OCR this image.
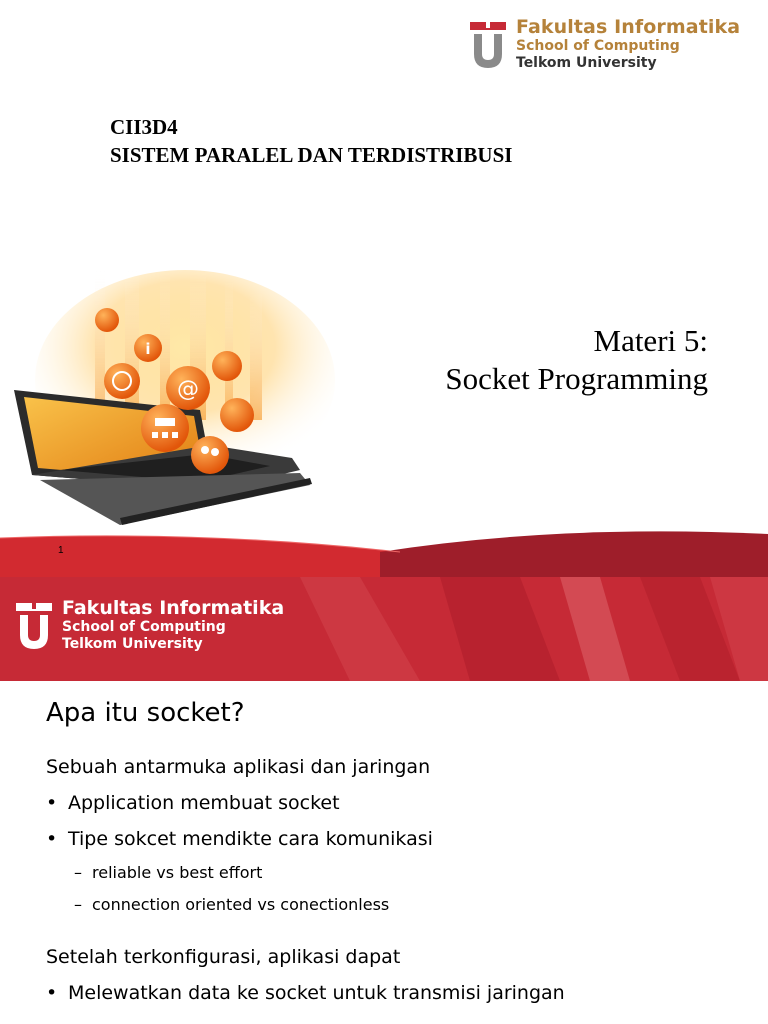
Fakultas Informatika
School of Computing
Telkom University
CII3D4
SISTEM PARALEL DAN TERDISTRIBUSI
i
@
Materi 5:
Socket Programming
1
Fakultas Informatika
School of Computing
Telkom University
Apa itu socket?
Sebuah antarmuka aplikasi dan jaringan
• Application membuat socket
• Tipe sokcet mendikte cara komunikasi
– reliable vs best effort
– connection oriented vs conectionless
Setelah terkonfigurasi, aplikasi dapat
• Melewatkan data ke socket untuk transmisi jaringan
